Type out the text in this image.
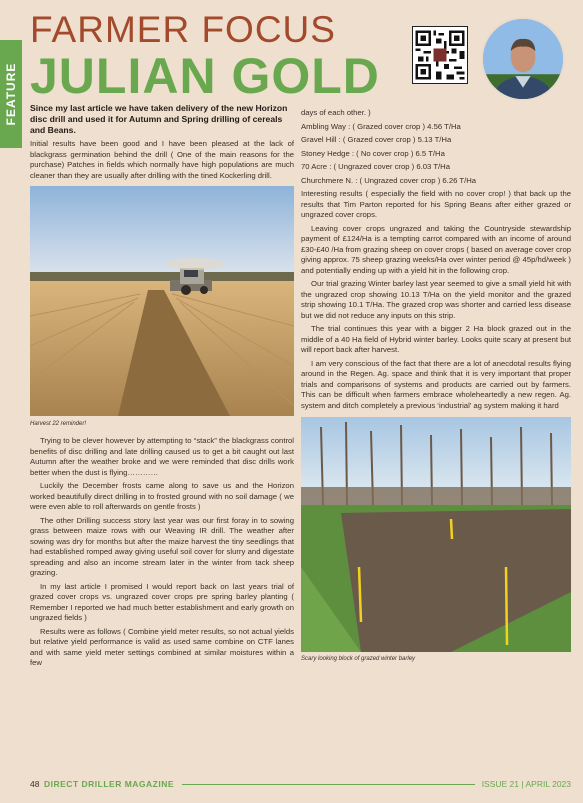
FEATURE
FARMER FOCUS
JULIAN GOLD

Since my last article we have taken delivery of the new Horizon disc drill and used it for Autumn and Spring drilling of cereals and Beans.

Initial results have been good and I have been pleased at the lack of blackgrass germination behind the drill ( One of the main reasons for the purchase) Patches in fields which normally have high populations are much cleaner than they are usually after drilling with the tined Kockerling drill.

Harvest 22 reminder!

Trying to be clever however by attempting to “stack” the blackgrass control benefits of disc drilling and late drilling caused us to get a bit caught out last Autumn after the weather broke and we were reminded that disc drills work better when the dust is flying…………

Luckily the December frosts came along to save us and the Horizon worked beautifully direct drilling in to frosted ground with no soil damage ( we were even able to roll afterwards on gentle frosts )

The other Drilling success story last year was our first foray in to sowing grass between maize rows with our Weaving IR drill. The weather after sowing was dry for months but after the maize harvest the tiny seedlings that had established romped away giving useful soil cover for slurry and digestate spreading and also an income stream later in the winter from tack sheep grazing.

In my last article I promised I would report back on last years trial of grazed cover crops vs. ungrazed cover crops pre spring barley planting ( Remember I reported we had much better establishment and early growth on ungrazed fields )

Results were as follows ( Combine yield meter results, so not actual yields but relative yield performance is valid as used same combine on CTF lanes and with same yield meter settings combined at similar moistures within a few

days of each other. )

Ambling Way : ( Grazed cover crop ) 4.56 T/Ha
Gravel Hill : ( Grazed cover crop ) 5.13 T/Ha
Stoney Hedge : ( No cover crop ) 6.5 T/Ha
70 Acre : ( Ungrazed cover crop ) 6.03 T/Ha
Churchmere N. : ( Ungrazed cover crop ) 6.26 T/Ha

Interesting results ( especially the field with no cover crop! ) that back up the results that Tim Parton reported for his Spring Beans after either grazed or ungrazed cover crops.

Leaving cover crops ungrazed and taking the Countryside stewardship payment of £124/Ha is a tempting carrot compared with an income of around £30-£40 /Ha from grazing sheep on cover crops ( based on average cover crop giving approx. 75 sheep grazing weeks/Ha over winter period @ 45p/hd/week ) and potentially ending up with a yield hit in the following crop.

Our trial grazing Winter barley last year seemed to give a small yield hit with the ungrazed crop showing 10.13 T/Ha on the yield monitor and the grazed strip showing 10.1 T/Ha. The grazed crop was shorter and carried less disease but we did not reduce any inputs on this strip.

The trial continues this year with a bigger 2 Ha block grazed out in the middle of a 40 Ha field of Hybrid winter barley. Looks quite scary at present but will report back after harvest.

I am very conscious of the fact that there are a lot of anecdotal results flying around in the Regen. Ag. space and think that it is very important that proper trials and comparisons of systems and products are carried out by farmers. This can be difficult when farmers embrace wholeheartedly a new regen. Ag. system and ditch completely a previous ‘industrial’ ag system making it hard

Scary looking block of grazed winter barley
48 DIRECT DRILLER MAGAZINE	ISSUE 21 | APRIL 2023
